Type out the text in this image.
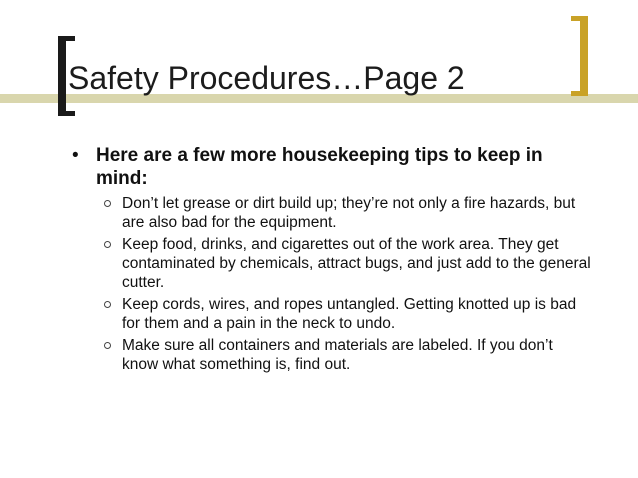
Safety Procedures…Page 2
• Here are a few more housekeeping tips to keep in mind:
Don’t let grease or dirt build up; they’re not only a fire hazards, but are also bad for the equipment.
Keep food, drinks, and cigarettes out of the work area. They get contaminated by chemicals, attract bugs, and just add to the general cutter.
Keep cords, wires, and ropes untangled. Getting knotted up is bad for them and a pain in the neck to undo.
Make sure all containers and materials are labeled. If you don’t know what something is, find out.
